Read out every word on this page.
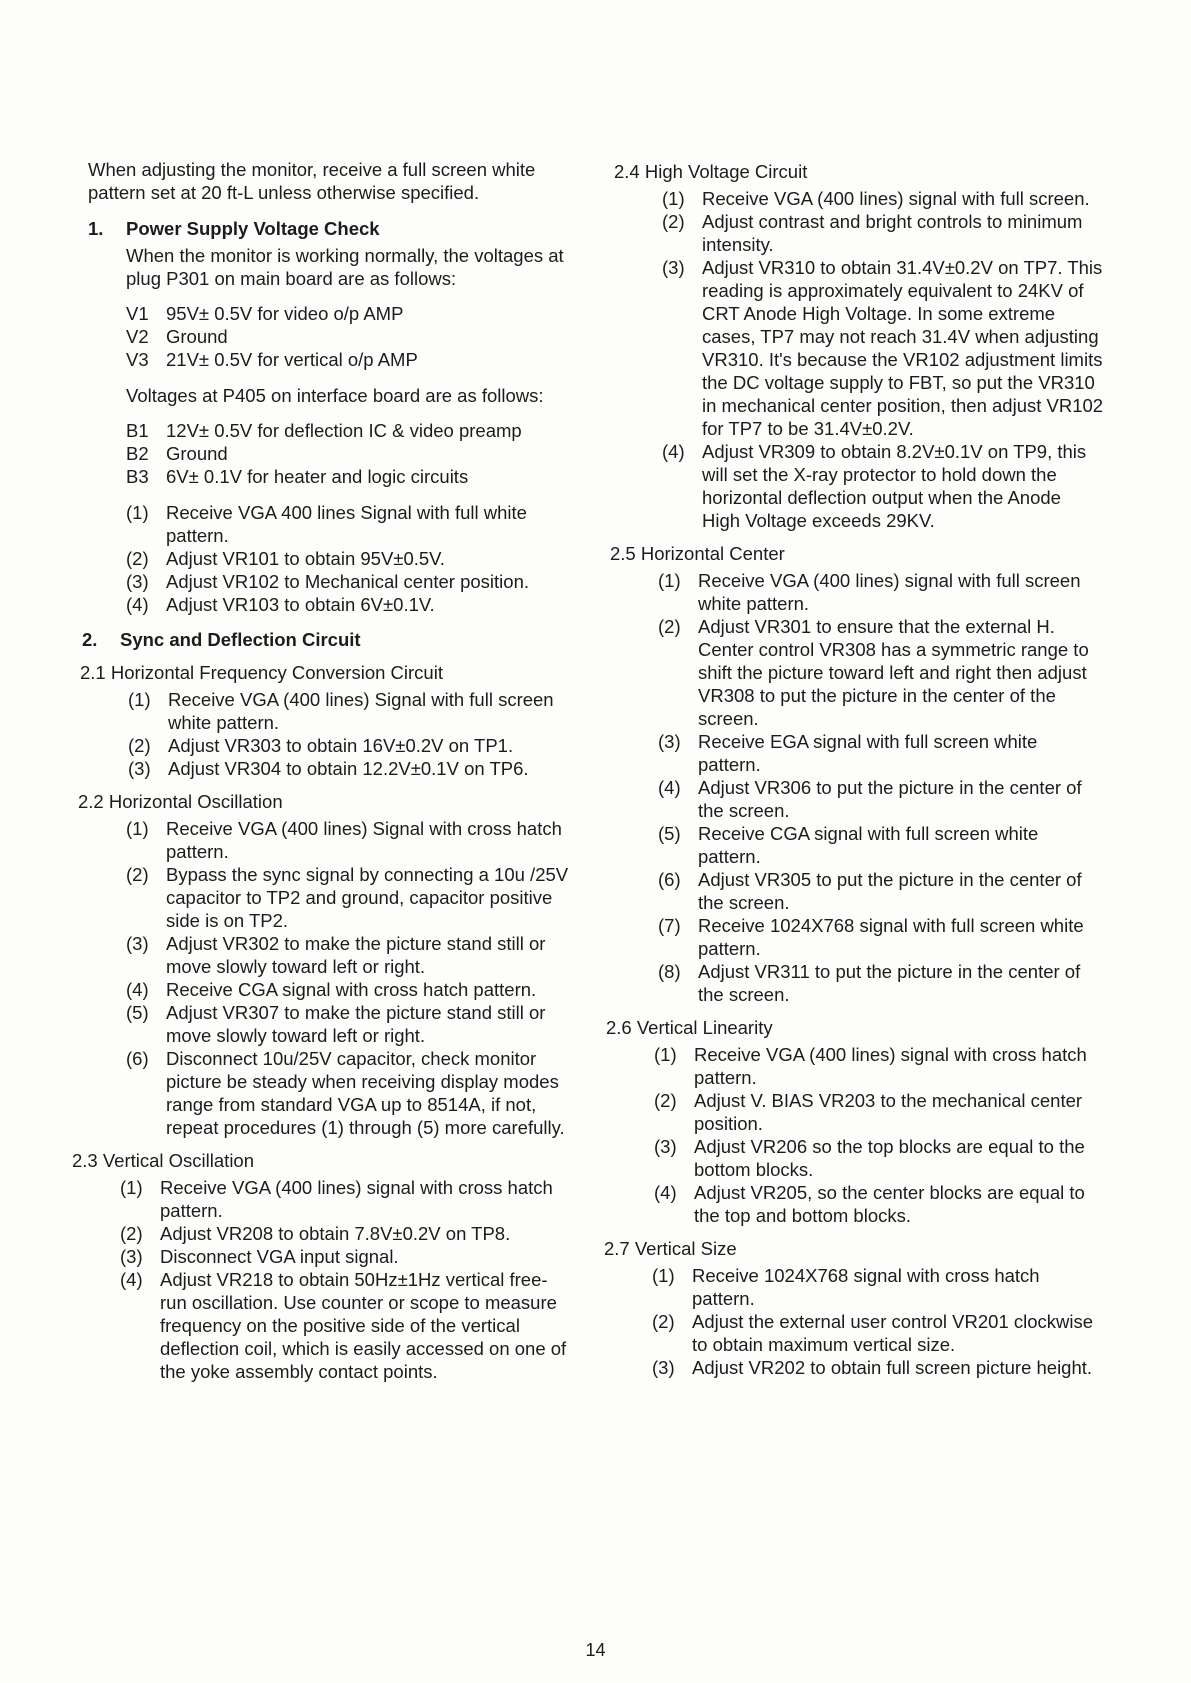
When adjusting the monitor, receive a full screen white pattern set at 20 ft-L unless otherwise specified.

1.	Power Supply Voltage Check

When the monitor is working normally, the voltages at plug P301 on main board are as follows:

V1 95V± 0.5V for video o/p AMP
V2 Ground
V3 21V± 0.5V for vertical o/p AMP

Voltages at P405 on interface board are as follows:

B1 12V± 0.5V for deflection IC & video preamp
B2 Ground
B3 6V± 0.1V for heater and logic circuits
(1) Receive VGA 400 lines Signal with full white pattern.
(2) Adjust VR101 to obtain 95V±0.5V.
(3) Adjust VR102 to Mechanical center position.
(4) Adjust VR103 to obtain 6V±0.1V.
2.	Sync and Deflection Circuit
2.1 Horizontal Frequency Conversion Circuit
(1) Receive VGA (400 lines) Signal with full screen white pattern.
(2) Adjust VR303 to obtain 16V±0.2V on TP1.
(3) Adjust VR304 to obtain 12.2V±0.1V on TP6.
2.2 Horizontal Oscillation
(1) Receive VGA (400 lines) Signal with cross hatch pattern.
(2) Bypass the sync signal by connecting a 10u /25V capacitor to TP2 and ground, capacitor positive side is on TP2.
(3) Adjust VR302 to make the picture stand still or move slowly toward left or right.
(4) Receive CGA signal with cross hatch pattern.
(5) Adjust VR307 to make the picture stand still or move slowly toward left or right.
(6) Disconnect 10u/25V capacitor, check monitor picture be steady when receiving display modes range from standard VGA up to 8514A, if not, repeat procedures (1) through (5) more carefully.
2.3 Vertical Oscillation
(1) Receive VGA (400 lines) signal with cross hatch pattern.
(2) Adjust VR208 to obtain 7.8V±0.2V on TP8.
(3) Disconnect VGA input signal.
(4) Adjust VR218 to obtain 50Hz±1Hz vertical free-run oscillation. Use counter or scope to measure frequency on the positive side of the vertical deflection coil, which is easily accessed on one of the yoke assembly contact points.
2.4 High Voltage Circuit
(1) Receive VGA (400 lines) signal with full screen.
(2) Adjust contrast and bright controls to minimum intensity.
(3) Adjust VR310 to obtain 31.4V±0.2V on TP7. This reading is approximately equivalent to 24KV of CRT Anode High Voltage. In some extreme cases, TP7 may not reach 31.4V when adjusting VR310. It's because the VR102 adjustment limits the DC voltage supply to FBT, so put the VR310 in mechanical center position, then adjust VR102 for TP7 to be 31.4V±0.2V.
(4) Adjust VR309 to obtain 8.2V±0.1V on TP9, this will set the X-ray protector to hold down the horizontal deflection output when the Anode High Voltage exceeds 29KV.
2.5 Horizontal Center
(1) Receive VGA (400 lines) signal with full screen white pattern.
(2) Adjust VR301 to ensure that the external H. Center control VR308 has a symmetric range to shift the picture toward left and right then adjust VR308 to put the picture in the center of the screen.
(3) Receive EGA signal with full screen white pattern.
(4) Adjust VR306 to put the picture in the center of the screen.
(5) Receive CGA signal with full screen white pattern.
(6) Adjust VR305 to put the picture in the center of the screen.
(7) Receive 1024X768 signal with full screen white pattern.
(8) Adjust VR311 to put the picture in the center of the screen.
2.6 Vertical Linearity
(1) Receive VGA (400 lines) signal with cross hatch pattern.
(2) Adjust V. BIAS VR203 to the mechanical center position.
(3) Adjust VR206 so the top blocks are equal to the bottom blocks.
(4) Adjust VR205, so the center blocks are equal to the top and bottom blocks.
2.7 Vertical Size
(1) Receive 1024X768 signal with cross hatch pattern.
(2) Adjust the external user control VR201 clockwise to obtain maximum vertical size.
(3) Adjust VR202 to obtain full screen picture height.
14
